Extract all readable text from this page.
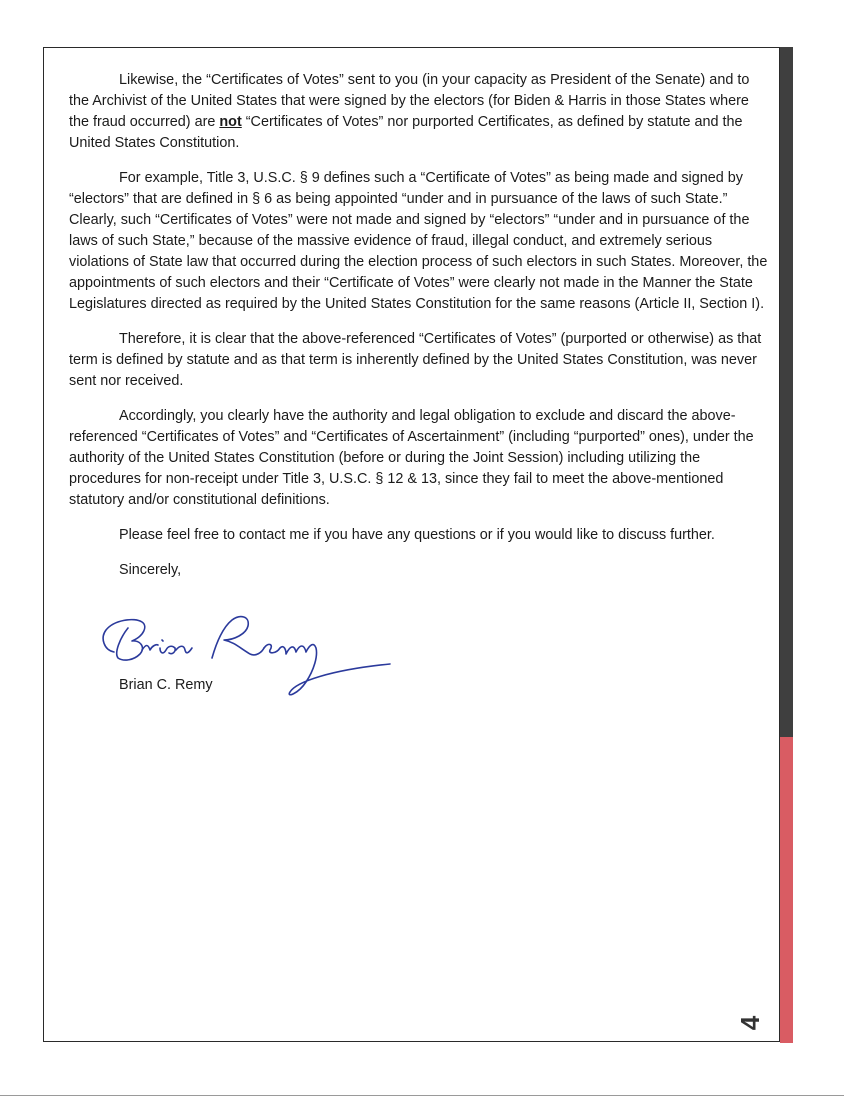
Likewise, the “Certificates of Votes” sent to you (in your capacity as President of the Senate) and to the Archivist of the United States that were signed by the electors (for Biden & Harris in those States where the fraud occurred) are not “Certificates of Votes” nor purported Certificates, as defined by statute and the United States Constitution.

For example, Title 3, U.S.C. § 9 defines such a “Certificate of Votes” as being made and signed by “electors” that are defined in § 6 as being appointed “under and in pursuance of the laws of such State.” Clearly, such “Certificates of Votes” were not made and signed by “electors” “under and in pursuance of the laws of such State,” because of the massive evidence of fraud, illegal conduct, and extremely serious violations of State law that occurred during the election process of such electors in such States. Moreover, the appointments of such electors and their “Certificate of Votes” were clearly not made in the Manner the State Legislatures directed as required by the United States Constitution for the same reasons (Article II, Section I).

Therefore, it is clear that the above-referenced “Certificates of Votes” (purported or otherwise) as that term is defined by statute and as that term is inherently defined by the United States Constitution, was never sent nor received.

Accordingly, you clearly have the authority and legal obligation to exclude and discard the above-referenced “Certificates of Votes” and “Certificates of Ascertainment” (including “purported” ones), under the authority of the United States Constitution (before or during the Joint Session) including utilizing the procedures for non-receipt under Title 3, U.S.C. § 12 & 13, since they fail to meet the above-mentioned statutory and/or constitutional definitions.

Please feel free to contact me if you have any questions or if you would like to discuss further.

Sincerely,

Brian C. Remy
4
